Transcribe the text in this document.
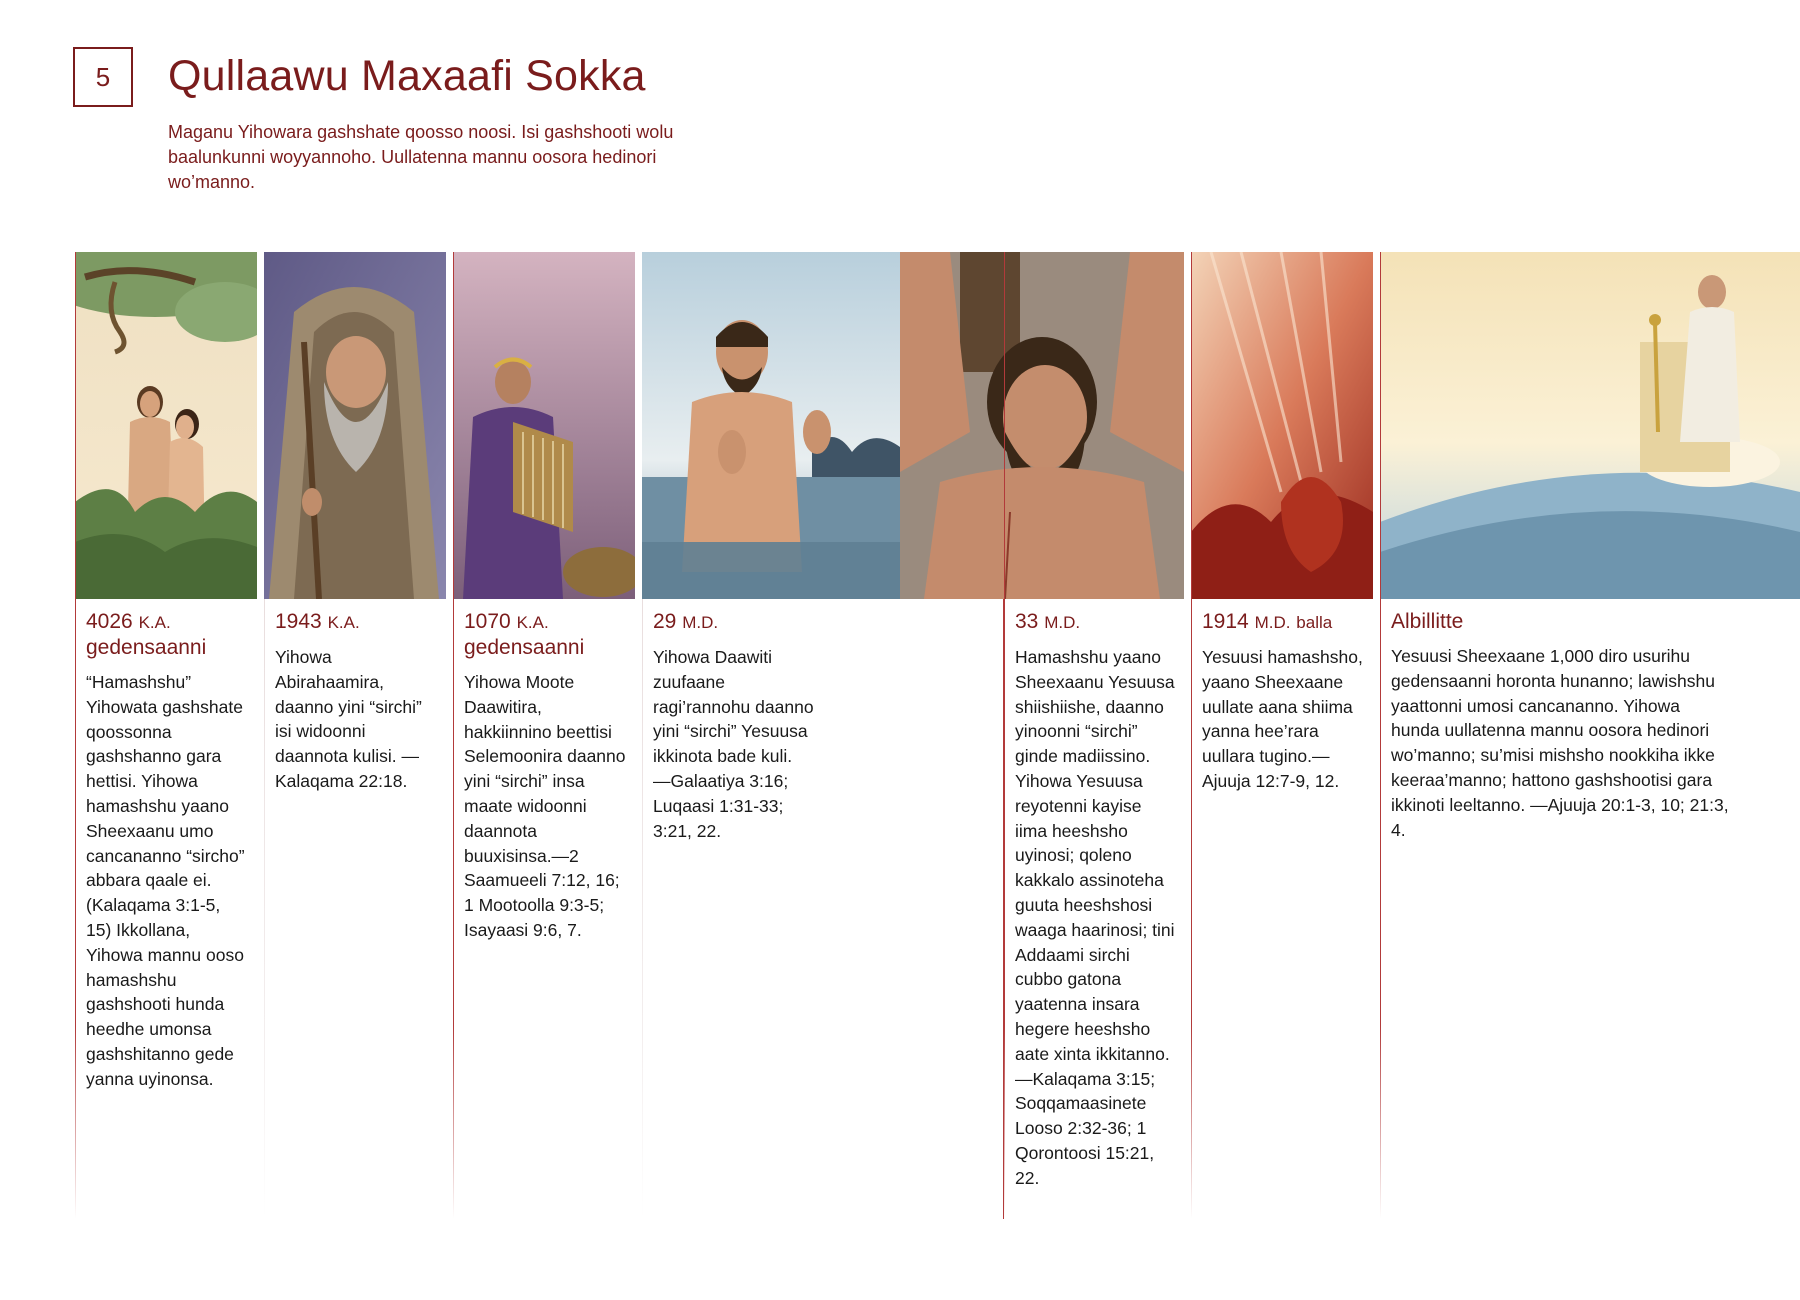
5 Qullaawu Maxaafi Sokka
Maganu Yihowara gashshate qoosso noosi. Isi gashshooti wolu baalunkunni woyyannoho. Uullatenna mannu oosora hedinori wo’manno.
4026 K.A.
gedensaanni
“Hamashshu” Yihowata gashshate qoossonna gashshanno gara hettisi. Yihowa hamashshu yaano Sheexaanu umo cancananno “sircho” abbara qaale ei. (Kalaqama 3:1-5, 15) Ikkollana, Yihowa mannu ooso hamashshu gashshooti hunda heedhe umonsa gashshitanno gede yanna uyinonsa.
1943 K.A.
Yihowa Abirahaamira, daanno yini “sirchi” isi widoonni daannota kulisi. —Kalaqama 22:18.
1070 K.A.
gedensaanni
Yihowa Moote Daawitira, hakkiinnino beettisi Selemoonira daanno yini “sirchi” insa maate widoonni daannota buuxisinsa.—2 Saamueeli 7:12, 16; 1 Mootoolla 9:3-5; Isayaasi 9:6, 7.
29 M.D.
Yihowa Daawiti zuufaane ragi’rannohu daanno yini “sirchi” Yesuusa ikkinota bade kuli. —Galaatiya 3:16; Luqaasi 1:31-33; 3:21, 22.
33 M.D.
Hamashshu yaano Sheexaanu Yesuusa shiishiishe, daanno yinoonni “sirchi” ginde madiissino. Yihowa Yesuusa reyotenni kayise iima heeshsho uyinosi; qoleno kakkalo assinoteha guuta heeshshosi waaga haarinosi; tini Addaami sirchi cubbo gatona yaatenna insara hegere heeshsho aate xinta ikkitanno. —Kalaqama 3:15; Soqqamaasinete Looso 2:32-36; 1 Qorontoosi 15:21, 22.
1914 M.D. balla
Yesuusi hamashsho, yaano Sheexaane uullate aana shiima yanna hee’rara uullara tugino.—Ajuuja 12:7-9, 12.
Albillitte
Yesuusi Sheexaane 1,000 diro usurihu gedensaanni horonta hunanno; lawishshu yaattonni umosi cancananno. Yihowa hunda uullatenna mannu oosora hedinori wo’manno; su’misi mishsho nookkiha ikke keeraa’manno; hattono gashshootisi gara ikkinoti leeltanno. —Ajuuja 20:1-3, 10; 21:3, 4.
